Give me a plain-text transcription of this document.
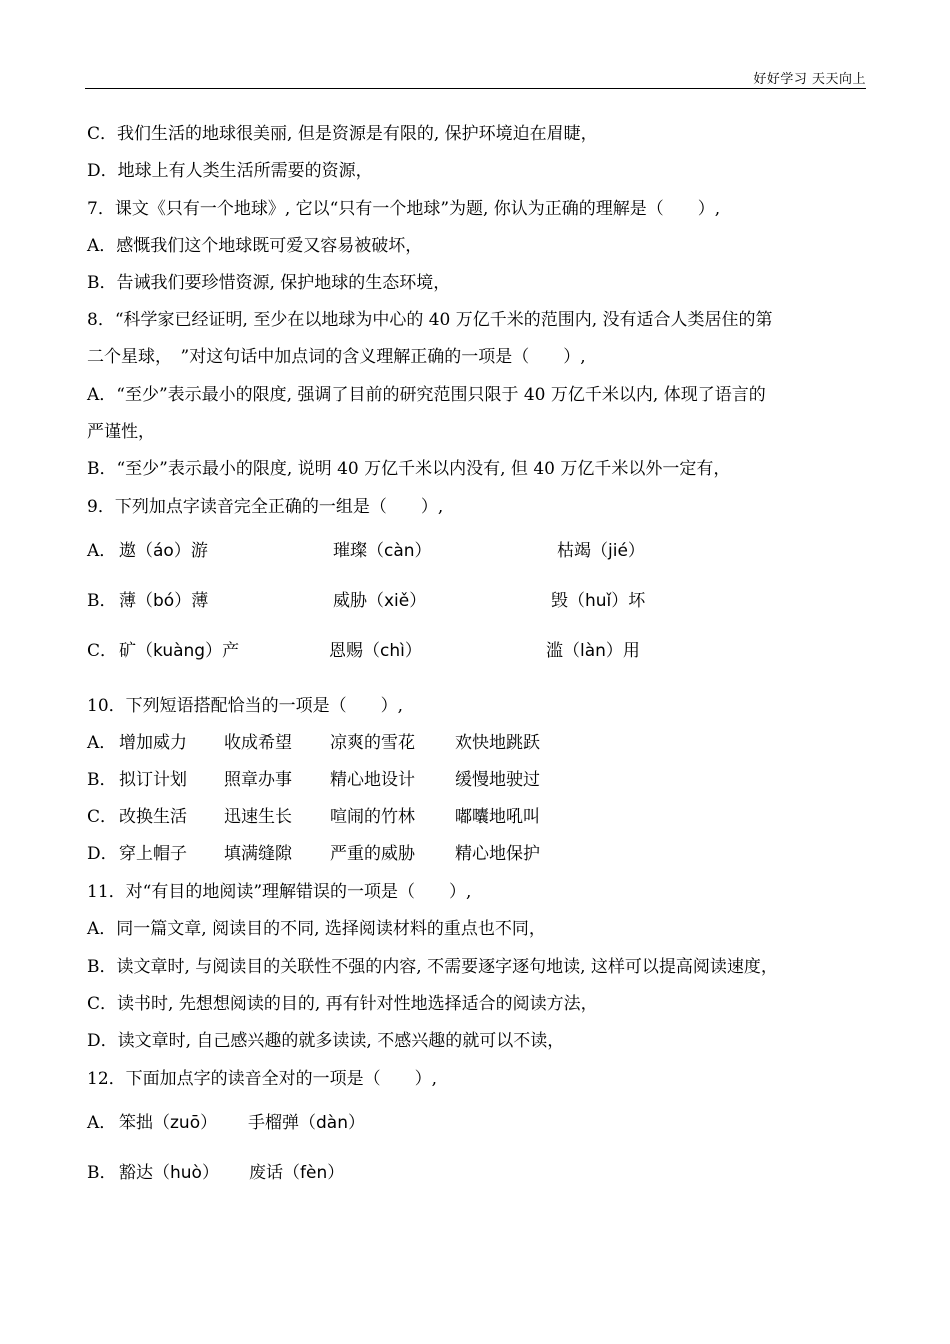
好好学习 天天向上
C．我们生活的地球很美丽, 但是资源是有限的, 保护环境迫在眉睫，
D．地球上有人类生活所需要的资源，
7．课文《只有一个地球》, 它以“只有一个地球”为题, 你认为正确的理解是（　　）,
A．感慨我们这个地球既可爱又容易被破坏，
B．告诫我们要珍惜资源, 保护地球的生态环境，
8．“科学家已经证明, 至少在以地球为中心的 40 万亿千米的范围内, 没有适合人类居住的第
二个星球，　”对这句话中加点词的含义理解正确的一项是（　　）,
A．“至少”表示最小的限度, 强调了目前的研究范围只限于 40 万亿千米以内, 体现了语言的
严谨性，
B．“至少”表示最小的限度, 说明 40 万亿千米以内没有, 但 40 万亿千米以外一定有，
9．下列加点字读音完全正确的一组是（　　）,
A． 遨（áo）游	璀璨（càn）	枯竭（jié）
B． 薄（bó）薄	威胁（xiě）	毁（huǐ）坏
C． 矿（kuàng）产	恩赐（chì）	滥（làn）用
10．下列短语搭配恰当的一项是（　　）,
A． 增加威力 收成希望 凉爽的雪花 欢快地跳跃
B． 拟订计划 照章办事 精心地设计 缓慢地驶过
C． 改换生活 迅速生长 喧闹的竹林 嘟囔地吼叫
D． 穿上帽子 填满缝隙 严重的威胁 精心地保护
11．对“有目的地阅读”理解错误的一项是（　　）,
A．同一篇文章, 阅读目的不同, 选择阅读材料的重点也不同，
B．读文章时, 与阅读目的关联性不强的内容, 不需要逐字逐句地读, 这样可以提高阅读速度，
C．读书时, 先想想阅读的目的, 再有针对性地选择适合的阅读方法，
D．读文章时, 自己感兴趣的就多读读, 不感兴趣的就可以不读，
12．下面加点字的读音全对的一项是（　　）,
A． 笨拙（zuō） 手榴弹（dàn）
B． 豁达（huò） 废话（fèn）
